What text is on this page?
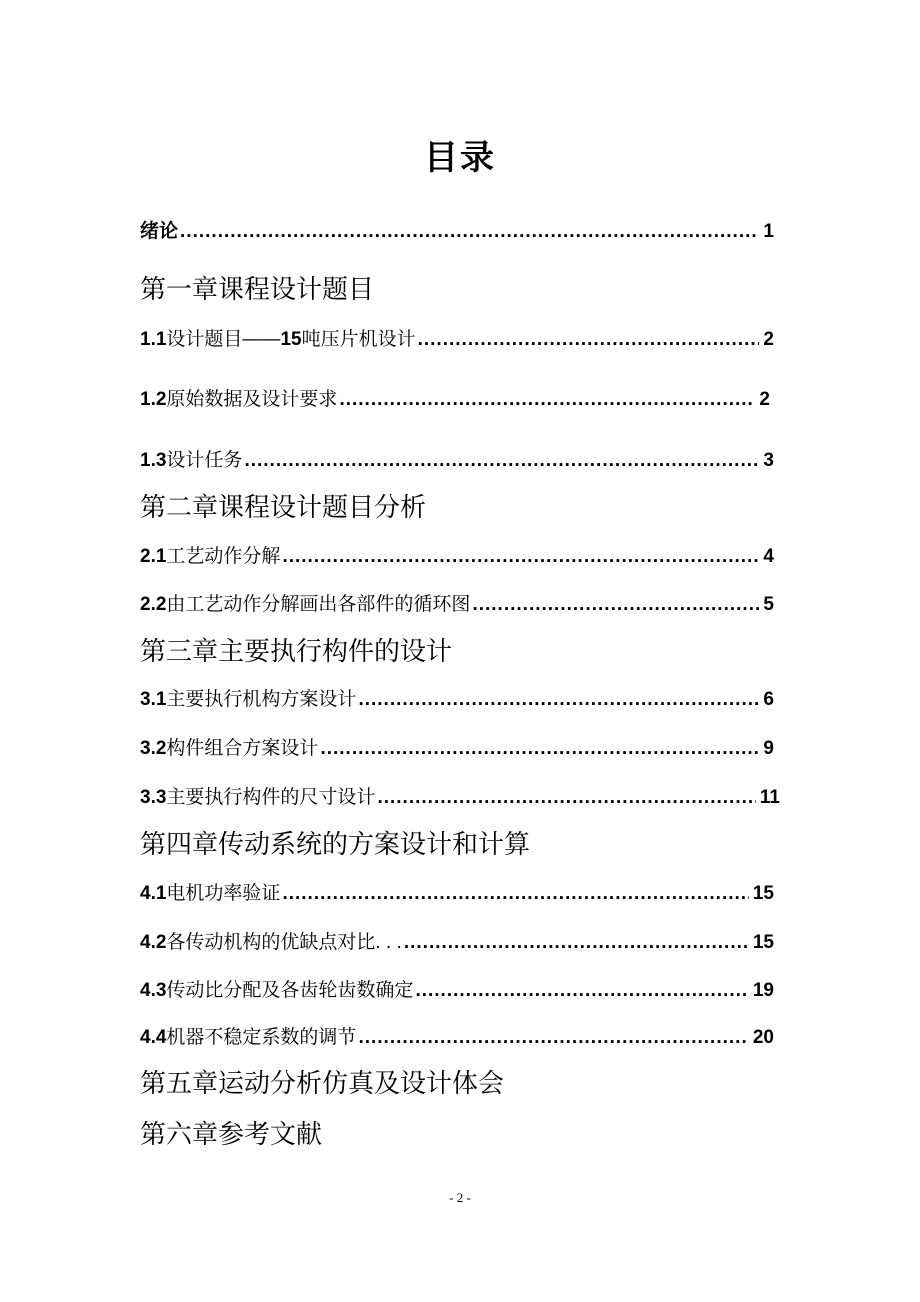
目录
绪论 .....	1
第一章课程设计题目
1.1 设计题目—— 15 吨压片机设计 .....	2
1.2 原始数据及设计要求 .....	2
1.3 设计任务 .....	3
第二章课程设计题目分析
2.1 工艺动作分解 .....	4
2.2 由工艺动作分解画出各部件的循环图 .....	5
第三章主要执行构件的设计
3.1 主要执行机构方案设计 .....	6
3.2 构件组合方案设计 .....	9
3.3 主要执行构件的尺寸设计 .....	11
第四章传动系统的方案设计和计算
4.1 电机功率验证 .....	15
4.2 各传动机构的优缺点对比. . . .....	15
4.3 传动比分配及各齿轮齿数确定 .....	19
4.4 机器不稳定系数的调节 .....	20
第五章运动分析仿真及设计体会
第六章参考文献
- 2 -
